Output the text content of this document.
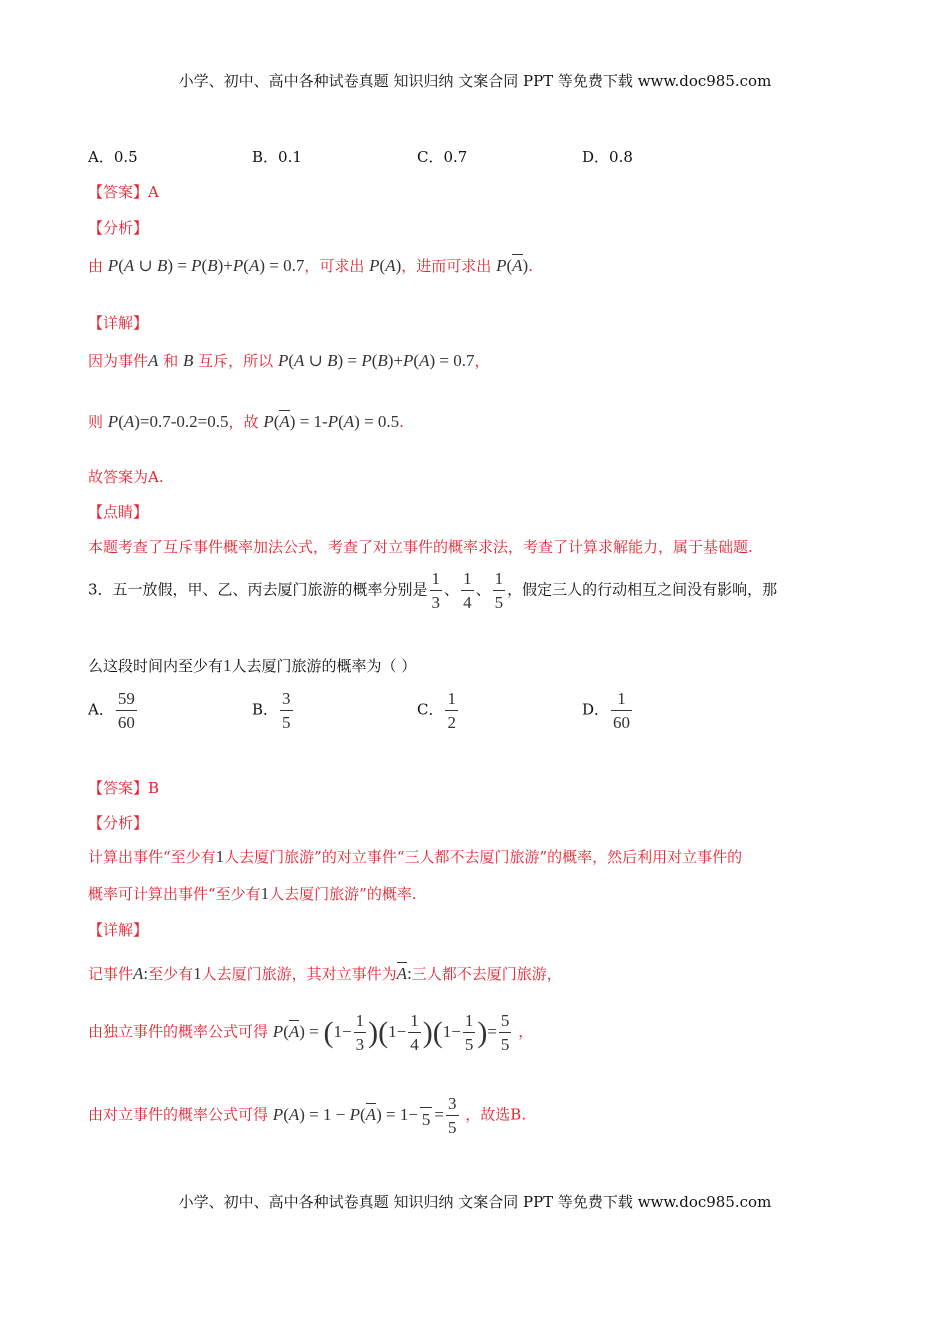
小学、初中、高中各种试卷真题 知识归纳 文案合同 PPT 等免费下载 www.doc985.com
A．0.5	B．0.1	C．0.7	D．0.8
【答案】A
【分析】
由 P(A ∪ B) = P(B)+P(A) = 0.7，可求出 P(A)，进而可求出 P(A).
【详解】
因为事件A 和 B 互斥，所以 P(A ∪ B) = P(B)+P(A) = 0.7，
则 P(A)=0.7-0.2=0.5，故 P(A) = 1-P(A) = 0.5.
故答案为A.
【点睛】
本题考查了互斥事件概率加法公式，考查了对立事件的概率求法，考查了计算求解能力，属于基础题.
3．五一放假，甲、乙、丙去厦门旅游的概率分别是 $\frac{1}{3}$ 、 $\frac{1}{4}$ 、 $\frac{1}{5}$ ，假定三人的行动相互之间没有影响，那
么这段时间内至少有1人去厦门旅游的概率为（ ）
A． $\frac{59}{60}$	B． $\frac{3}{5}$	C． $\frac{1}{2}$	D． $\frac{1}{60}$
【答案】B
【分析】
计算出事件“至少有1人去厦门旅游”的对立事件“三人都不去厦门旅游”的概率，然后利用对立事件的
概率可计算出事件“至少有1人去厦门旅游”的概率.
【详解】
记事件A:至少有1人去厦门旅游，其对立事件为A:三人都不去厦门旅游，
由独立事件的概率公式可得 $P(A) = (1- \frac{1}{3} )(1- \frac{1}{4} )(1- \frac{1}{5}$ )= $\frac{5}{5}$ ，
由对立事件的概率公式可得 $P(A) = 1 - P(A) = 1- 5 = \frac{3}{5}$ ，故选B.
小学、初中、高中各种试卷真题 知识归纳 文案合同 PPT 等免费下载 www.doc985.com
